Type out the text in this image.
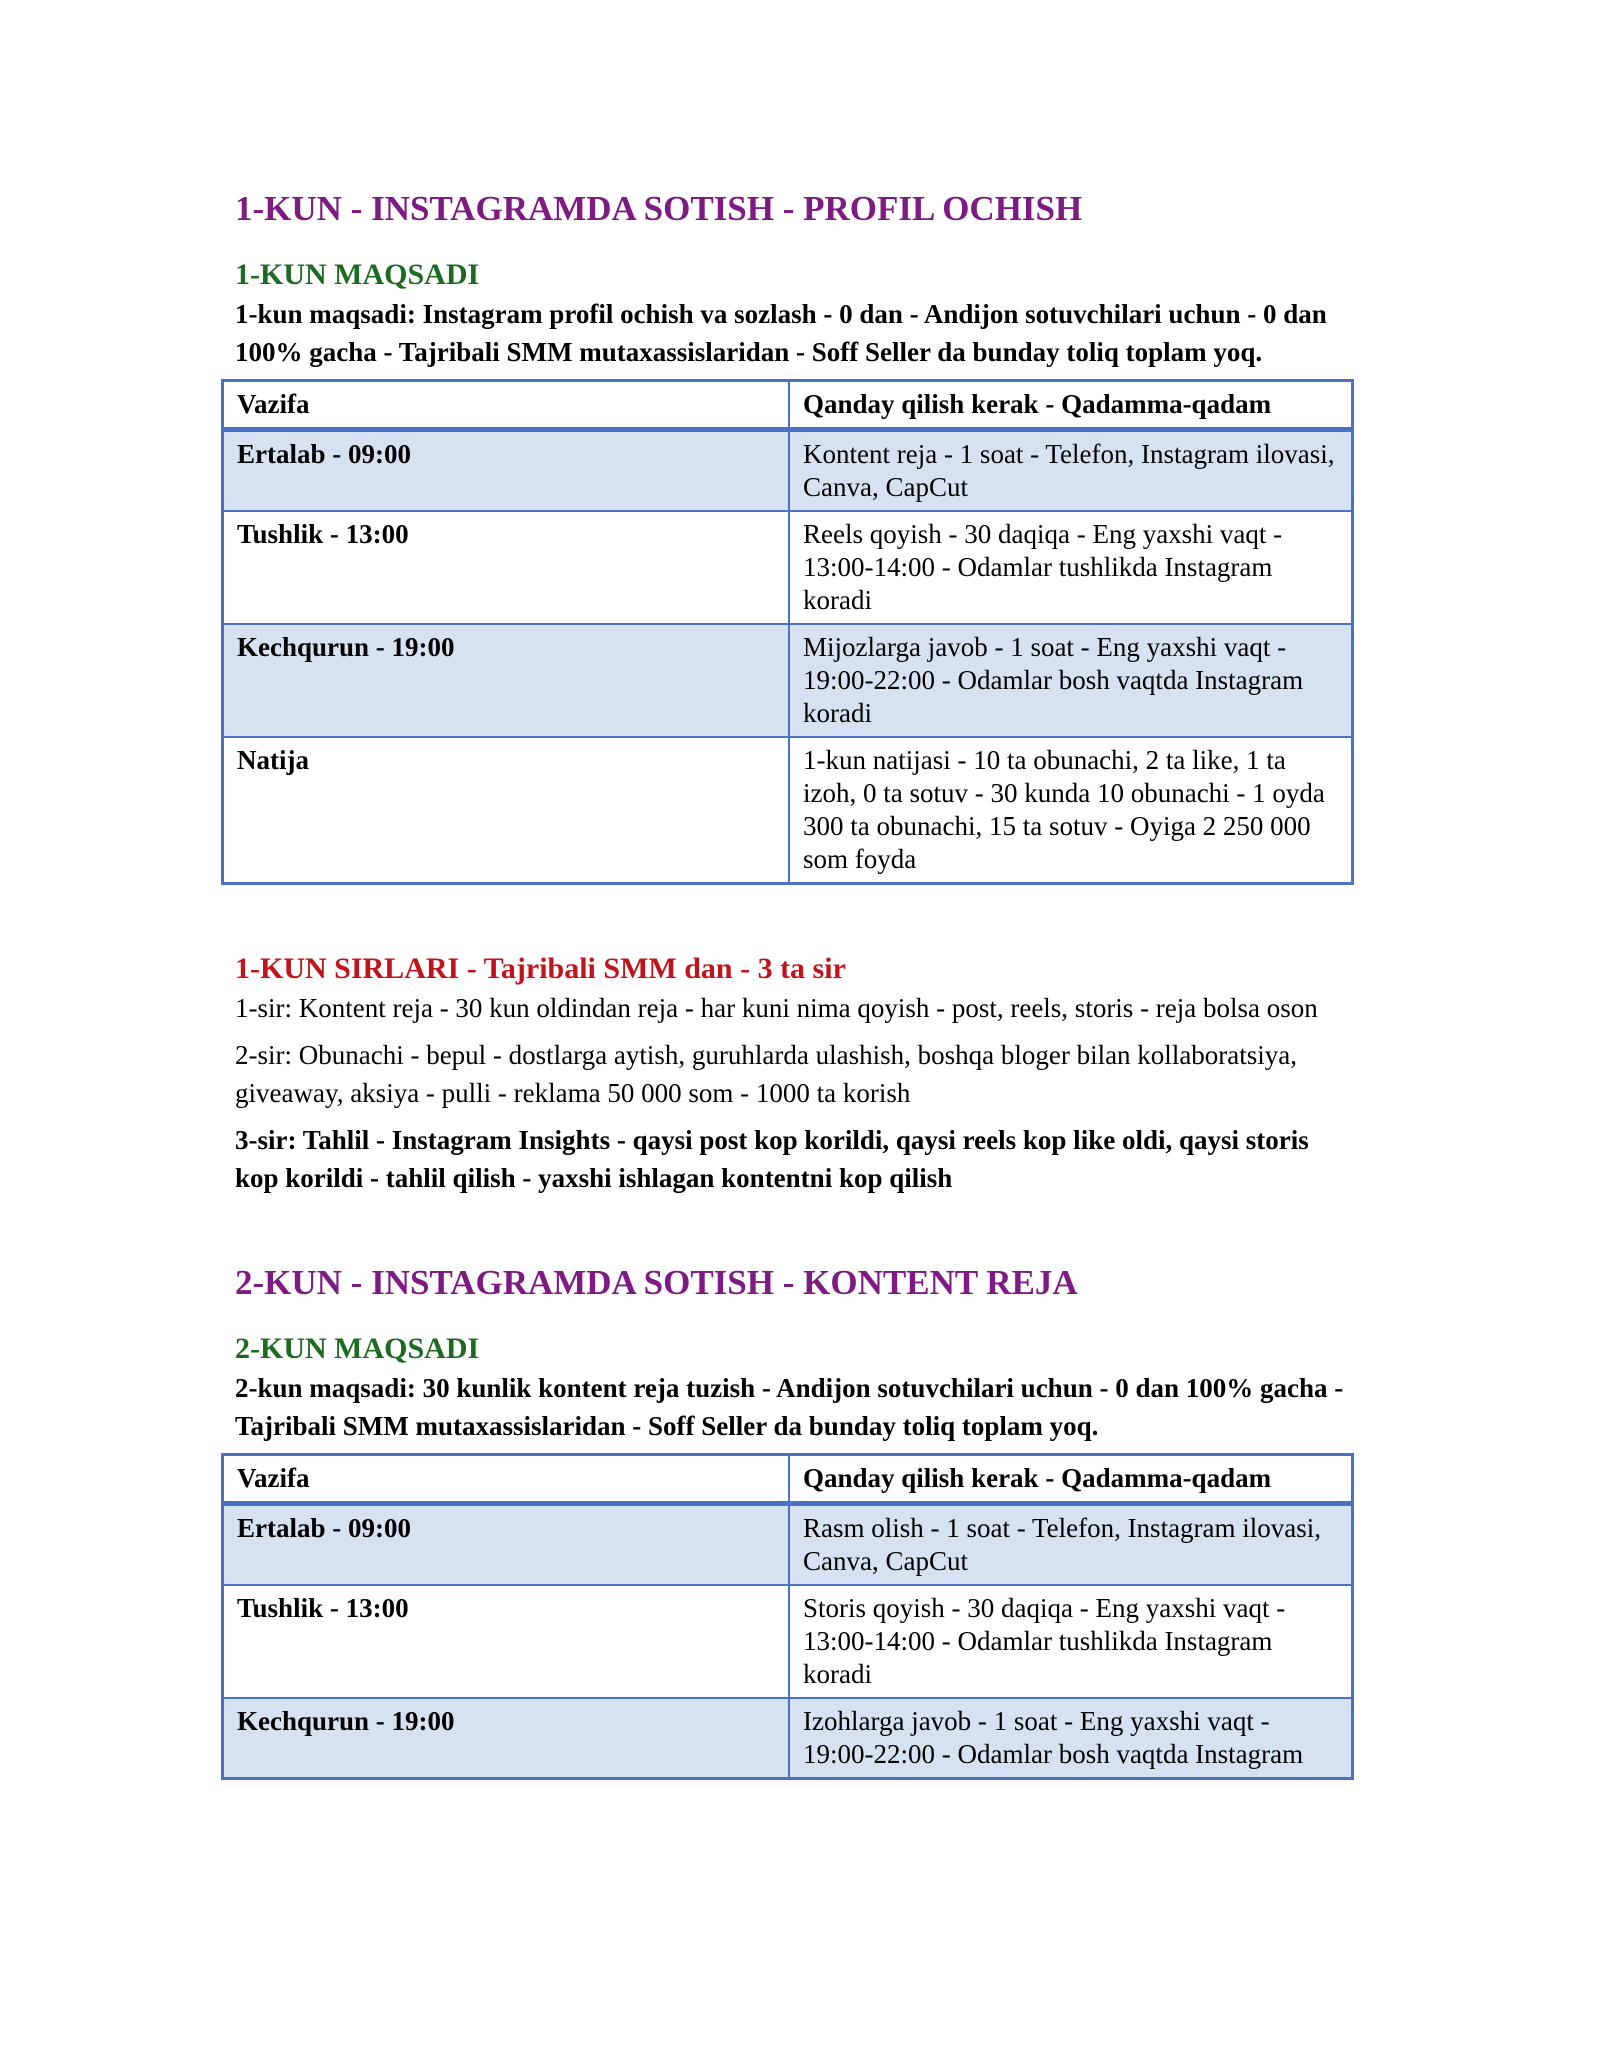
1-KUN - INSTAGRAMDA SOTISH - PROFIL OCHISH
1-KUN MAQSADI

1-kun maqsadi: Instagram profil ochish va sozlash - 0 dan - Andijon sotuvchilari uchun - 0 dan 100% gacha - Tajribali SMM mutaxassislaridan - Soff Seller da bunday toliq toplam yoq.

Vazifa	Qanday qilish kerak - Qadamma-qadam
Ertalab - 09:00	Kontent reja - 1 soat - Telefon, Instagram ilovasi, Canva, CapCut
Tushlik - 13:00	Reels qoyish - 30 daqiqa - Eng yaxshi vaqt - 13:00-14:00 - Odamlar tushlikda Instagram koradi
Kechqurun - 19:00	Mijozlarga javob - 1 soat - Eng yaxshi vaqt - 19:00-22:00 - Odamlar bosh vaqtda Instagram koradi
Natija	1-kun natijasi - 10 ta obunachi, 2 ta like, 1 ta izoh, 0 ta sotuv - 30 kunda 10 obunachi - 1 oyda 300 ta obunachi, 15 ta sotuv - Oyiga 2 250 000 som foyda
1-KUN SIRLARI - Tajribali SMM dan - 3 ta sir

1-sir: Kontent reja - 30 kun oldindan reja - har kuni nima qoyish - post, reels, storis - reja bolsa oson

2-sir: Obunachi - bepul - dostlarga aytish, guruhlarda ulashish, boshqa bloger bilan kollaboratsiya, giveaway, aksiya - pulli - reklama 50 000 som - 1000 ta korish

3-sir: Tahlil - Instagram Insights - qaysi post kop korildi, qaysi reels kop like oldi, qaysi storis kop korildi - tahlil qilish - yaxshi ishlagan kontentni kop qilish

2-KUN - INSTAGRAMDA SOTISH - KONTENT REJA
2-KUN MAQSADI

2-kun maqsadi: 30 kunlik kontent reja tuzish - Andijon sotuvchilari uchun - 0 dan 100% gacha - Tajribali SMM mutaxassislaridan - Soff Seller da bunday toliq toplam yoq.

Vazifa	Qanday qilish kerak - Qadamma-qadam
Ertalab - 09:00	Rasm olish - 1 soat - Telefon, Instagram ilovasi, Canva, CapCut
Tushlik - 13:00	Storis qoyish - 30 daqiqa - Eng yaxshi vaqt - 13:00-14:00 - Odamlar tushlikda Instagram koradi
Kechqurun - 19:00	Izohlarga javob - 1 soat - Eng yaxshi vaqt - 19:00-22:00 - Odamlar bosh vaqtda Instagram
